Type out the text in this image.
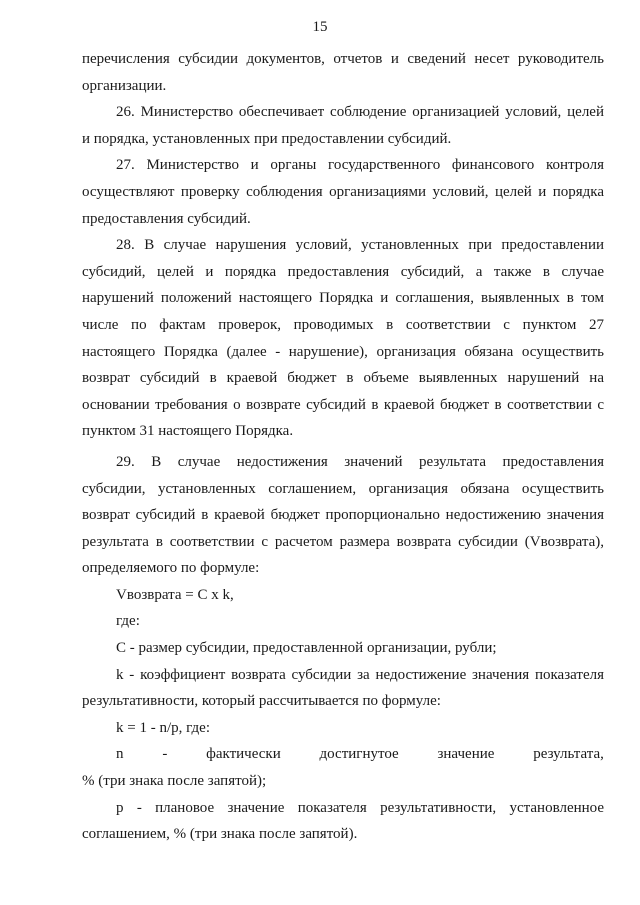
15
перечисления субсидии документов, отчетов и сведений несет руководитель
организации.
26. Министерство обеспечивает соблюдение организацией условий, целей
и порядка, установленных при предоставлении субсидий.
27. Министерство и органы государственного финансового контроля
осуществляют проверку соблюдения организациями условий, целей и порядка
предоставления субсидий.
28. В случае нарушения условий, установленных при предоставлении
субсидий, целей и порядка предоставления субсидий, а также в случае
нарушений положений настоящего Порядка и соглашения, выявленных в том
числе по фактам проверок, проводимых в соответствии с пунктом 27
настоящего Порядка (далее - нарушение), организация обязана осуществить
возврат субсидий в краевой бюджет в объеме выявленных нарушений на
основании требования о возврате субсидий в краевой бюджет в соответствии с
пунктом 31 настоящего Порядка.
29. В случае недостижения значений результата предоставления
субсидии, установленных соглашением, организация обязана осуществить
возврат субсидий в краевой бюджет пропорционально недостижению значения
результата в соответствии с расчетом размера возврата субсидии (Vвозврата),
определяемого по формуле:
Vвозврата = C x k,
где:
C - размер субсидии, предоставленной организации, рубли;
k - коэффициент возврата субсидии за недостижение значения показателя
результативности, который рассчитывается по формуле:
k = 1 - n/p, где:
n	-	фактически	достигнутое	значение	результата,
% (три знака после запятой);
p - плановое значение показателя результативности, установленное
соглашением, % (три знака после запятой).
